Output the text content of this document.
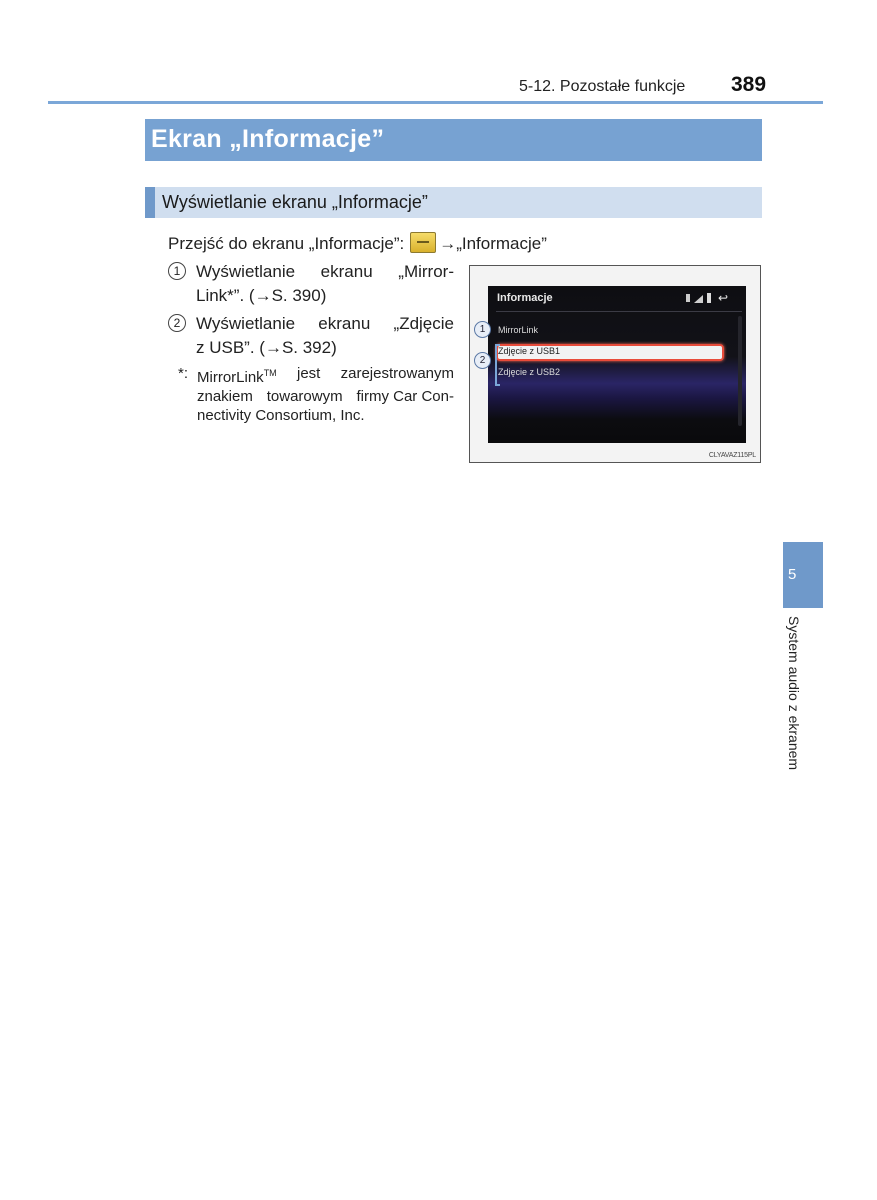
5-12. Pozostałe funkcje 389
Ekran „Informacje”
Wyświetlanie ekranu „Informacje”
Przejść do ekranu „Informacje”: →„Informacje”
1 Wyświetlanie ekranu „Mirror-
Link*”. (→S. 390)
2 Wyświetlanie ekranu „Zdjęcie
z USB”. (→S. 392)
*: MirrorLink™ jest zarejestrowanym
znakiem towarowym firmy Car Con-
nectivity Consortium, Inc.
Informacje	↩
MirrorLink
Zdjęcie z USB1
Zdjęcie z USB2
1
2
CLYAVAZ115PL
5
System audio z ekranem
